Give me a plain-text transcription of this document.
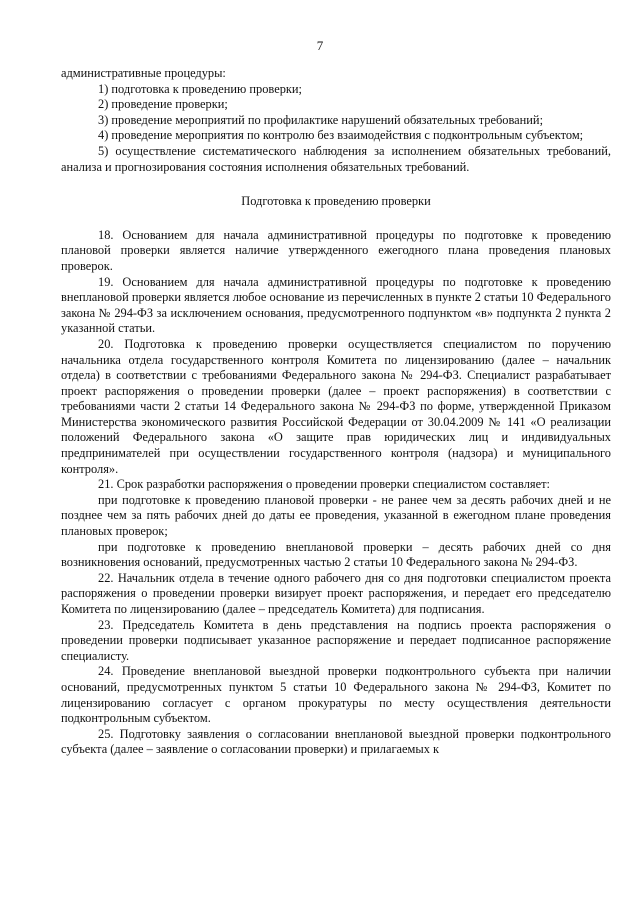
7

административные процедуры:

1) подготовка к проведению проверки;

2) проведение проверки;

3) проведение мероприятий по профилактике нарушений обязательных требований;

4) проведение мероприятия по контролю без взаимодействия с подконтрольным субъектом;

5) осуществление систематического наблюдения за исполнением обязательных требований, анализа и прогнозирования состояния исполнения обязательных требований.

Подготовка к проведению проверки

18. Основанием для начала административной процедуры по подготовке к проведению плановой проверки является наличие утвержденного ежегодного плана проведения плановых проверок.

19. Основанием для начала административной процедуры по подготовке к проведению внеплановой проверки является любое основание из перечисленных в пункте 2 статьи 10 Федерального закона № 294-ФЗ за исключением основания, предусмотренного подпунктом «в» подпункта 2 пункта 2 указанной статьи.

20. Подготовка к проведению проверки осуществляется специалистом по поручению начальника отдела государственного контроля Комитета по лицензированию (далее – начальник отдела) в соответствии с требованиями Федерального закона № 294-ФЗ. Специалист разрабатывает проект распоряжения о проведении проверки (далее – проект распоряжения) в соответствии с требованиями части 2 статьи 14 Федерального закона № 294-ФЗ по форме, утвержденной Приказом Министерства экономического развития Российской Федерации от 30.04.2009 № 141 «О реализации положений Федерального закона «О защите прав юридических лиц и индивидуальных предпринимателей при осуществлении государственного контроля (надзора) и муниципального контроля».

21. Срок разработки распоряжения о проведении проверки специалистом составляет:

при подготовке к проведению плановой проверки - не ранее чем за десять рабочих дней и не позднее чем за пять рабочих дней до даты ее проведения, указанной в ежегодном плане проведения плановых проверок;

при подготовке к проведению внеплановой проверки – десять рабочих дней со дня возникновения оснований, предусмотренных частью 2 статьи 10 Федерального закона № 294-ФЗ.

22. Начальник отдела в течение одного рабочего дня со дня подготовки специалистом проекта распоряжения о проведении проверки визирует проект распоряжения, и передает его председателю Комитета по лицензированию (далее – председатель Комитета) для подписания.

23. Председатель Комитета в день представления на подпись проекта распоряжения о проведении проверки подписывает указанное распоряжение и передает подписанное распоряжение специалисту.

24. Проведение внеплановой выездной проверки подконтрольного субъекта при наличии оснований, предусмотренных пунктом 5 статьи 10 Федерального закона № 294-ФЗ, Комитет по лицензированию согласует с органом прокуратуры по месту осуществления деятельности подконтрольным субъектом.

25. Подготовку заявления о согласовании внеплановой выездной проверки подконтрольного субъекта (далее – заявление о согласовании проверки) и прилагаемых к
